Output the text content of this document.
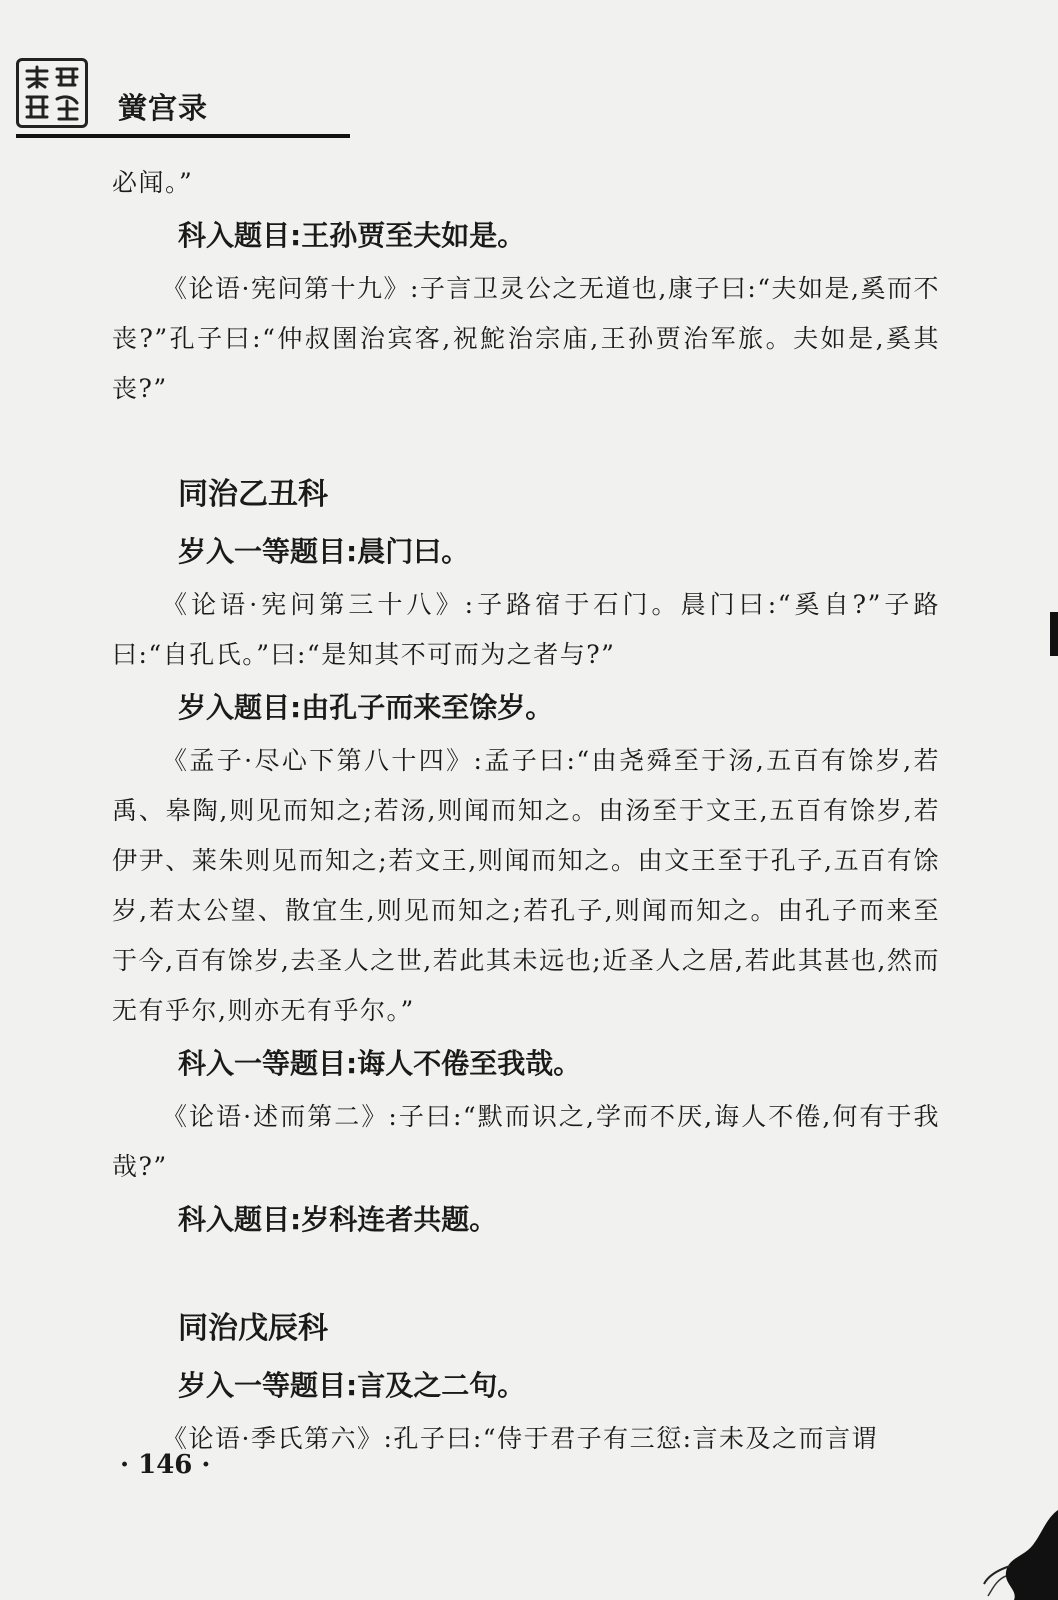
黉宫录

必闻。”

科入题目:王孙贾至夫如是。

《论语·宪问第十九》:子言卫灵公之无道也,康子曰:“夫如是,奚而不丧?”孔子曰:“仲叔圉治宾客,祝鮀治宗庙,王孙贾治军旅。夫如是,奚其丧?”

同治乙丑科
岁入一等题目:晨门曰。

《论语·宪问第三十八》:子路宿于石门。晨门曰:“奚自?”子路曰:“自孔氏。”曰:“是知其不可而为之者与?”

岁入题目:由孔子而来至馀岁。

《孟子·尽心下第八十四》:孟子曰:“由尧舜至于汤,五百有馀岁,若禹、皋陶,则见而知之;若汤,则闻而知之。由汤至于文王,五百有馀岁,若伊尹、莱朱则见而知之;若文王,则闻而知之。由文王至于孔子,五百有馀岁,若太公望、散宜生,则见而知之;若孔子,则闻而知之。由孔子而来至于今,百有馀岁,去圣人之世,若此其未远也;近圣人之居,若此其甚也,然而无有乎尔,则亦无有乎尔。”

科入一等题目:诲人不倦至我哉。

《论语·述而第二》:子曰:“默而识之,学而不厌,诲人不倦,何有于我哉?”

科入题目:岁科连者共题。
同治戊辰科
岁入一等题目:言及之二句。

《论语·季氏第六》:孔子曰:“侍于君子有三愆:言未及之而言谓

· 146 ·
